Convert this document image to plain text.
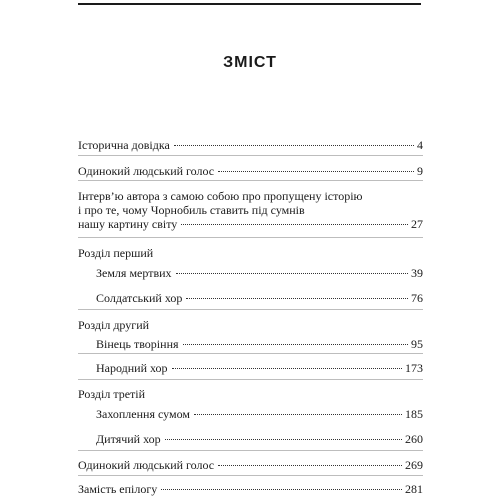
ЗМІСТ
Історична довідка	4
Одинокий людський голос	9
Інтерв’ю автора з самою собою про пропущену історію
і про те, чому Чорнобиль ставить під сумнів
нашу картину світу	27
Розділ перший
Земля мертвих	39
Солдатський хор	76
Розділ другий
Вінець творіння	95
Народний хор	173
Розділ третій
Захоплення сумом	185
Дитячий хор	260
Одинокий людський голос	269
Замість епілогу	281
